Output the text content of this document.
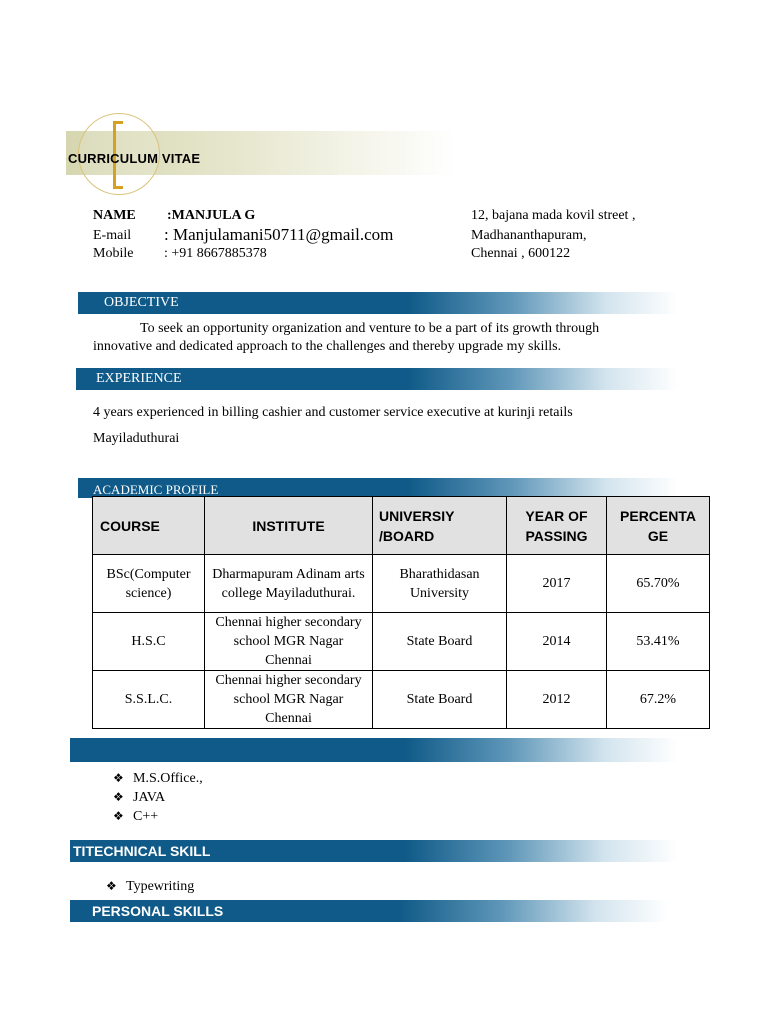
CURRICULUM VITAE
NAME :MANJULA G
E-mail : Manjulamani50711@gmail.com
Mobile : +91 8667885378
12, bajana mada kovil street ,
Madhananthapuram,
Chennai , 600122
OBJECTIVE
To seek an opportunity organization and venture to be a part of its growth through
innovative and dedicated approach to the challenges and thereby upgrade my skills.
EXPERIENCE
4 years experienced in billing cashier and customer service executive at kurinji retails
Mayiladuthurai
ACADEMIC PROFILE
COURSE	INSTITUTE	UNIVERSIY /BOARD	YEAR OF PASSING	PERCENTA GE
BSc(Computer science)	Dharmapuram Adinam arts college Mayiladuthurai.	Bharathidasan University	2017	65.70%
H.S.C	Chennai higher secondary school MGR Nagar Chennai	State Board	2014	53.41%
S.S.L.C.	Chennai higher secondary school MGR Nagar Chennai	State Board	2012	67.2%
❖ M.S.Office.,
❖ JAVA
❖ C++
TITECHNICAL SKILL
❖ Typewriting
PERSONAL SKILLS
Y
